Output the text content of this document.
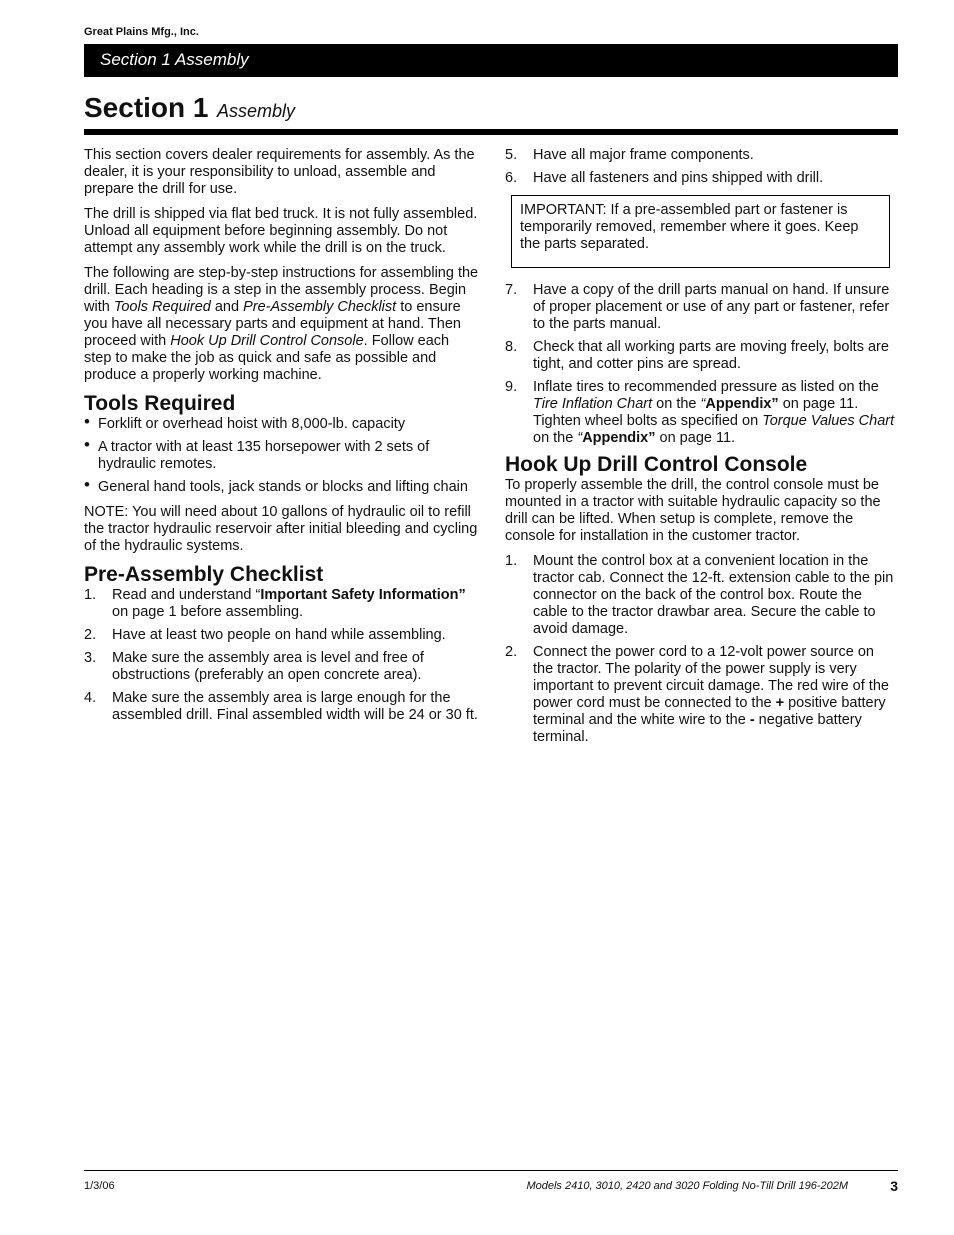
Great Plains Mfg., Inc.
Section 1 Assembly
Section 1 Assembly

This section covers dealer requirements for assembly. As the dealer, it is your responsibility to unload, assemble and prepare the drill for use.

The drill is shipped via flat bed truck. It is not fully assembled. Unload all equipment before beginning assembly. Do not attempt any assembly work while the drill is on the truck.

The following are step-by-step instructions for assembling the drill. Each heading is a step in the assembly process. Begin with Tools Required and Pre-Assembly Checklist to ensure you have all necessary parts and equipment at hand. Then proceed with Hook Up Drill Control Console. Follow each step to make the job as quick and safe as possible and produce a properly working machine.

Tools Required
• Forklift or overhead hoist with 8,000-lb. capacity
• A tractor with at least 135 horsepower with 2 sets of hydraulic remotes.
• General hand tools, jack stands or blocks and lifting chain

NOTE: You will need about 10 gallons of hydraulic oil to refill the tractor hydraulic reservoir after initial bleeding and cycling of the hydraulic systems.

Pre-Assembly Checklist
1. Read and understand “Important Safety Information” on page 1 before assembling.
2. Have at least two people on hand while assembling.
3. Make sure the assembly area is level and free of obstructions (preferably an open concrete area).
4. Make sure the assembly area is large enough for the assembled drill. Final assembled width will be 24 or 30 ft.
5. Have all major frame components.
6. Have all fasteners and pins shipped with drill.
IMPORTANT: If a pre-assembled part or fastener is temporarily removed, remember where it goes. Keep the parts separated.
7. Have a copy of the drill parts manual on hand. If unsure of proper placement or use of any part or fastener, refer to the parts manual.
8. Check that all working parts are moving freely, bolts are tight, and cotter pins are spread.
9. Inflate tires to recommended pressure as listed on the Tire Inflation Chart on the “Appendix” on page 11. Tighten wheel bolts as specified on Torque Values Chart on the “Appendix” on page 11.
Hook Up Drill Control Console

To properly assemble the drill, the control console must be mounted in a tractor with suitable hydraulic capacity so the drill can be lifted. When setup is complete, remove the console for installation in the customer tractor.

1. Mount the control box at a convenient location in the tractor cab. Connect the 12-ft. extension cable to the pin connector on the back of the control box. Route the cable to the tractor drawbar area. Secure the cable to avoid damage.
2. Connect the power cord to a 12-volt power source on the tractor. The polarity of the power supply is very important to prevent circuit damage. The red wire of the power cord must be connected to the + positive battery terminal and the white wire to the - negative battery terminal.
1/3/06	Models 2410, 3010, 2420 and 3020 Folding No-Till Drill 196-202M	3
